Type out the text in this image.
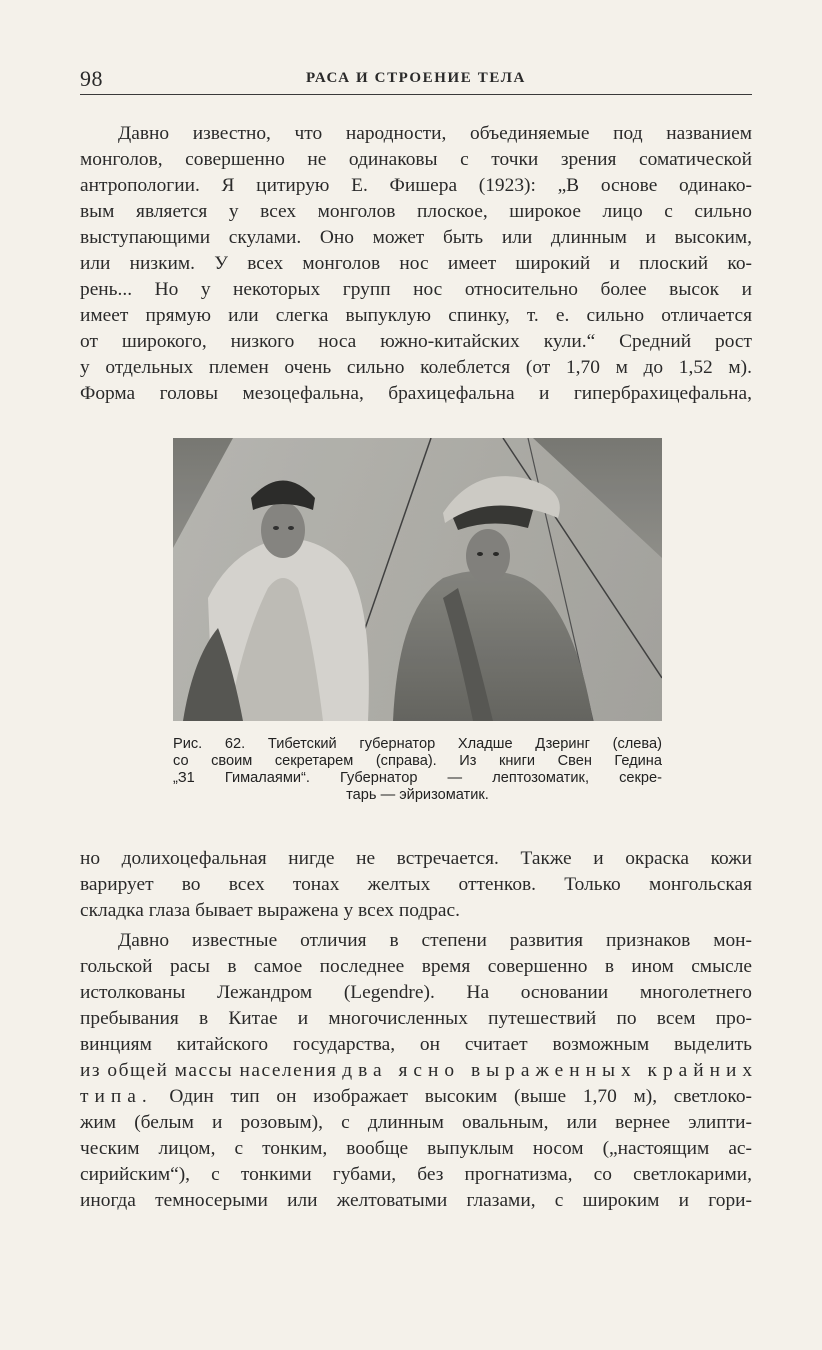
98	РАСА И СТРОЕНИЕ ТЕЛА

Давно известно, что народности, объединяемые под названием
монголов, совершенно не одинаковы с точки зрения соматической
антропологии. Я цитирую Е. Фишера (1923): „В основе одинако-
вым является у всех монголов плоское, широкое лицо с сильно
выступающими скулами. Оно может быть или длинным и высоким,
или низким. У всех монголов нос имеет широкий и плоский ко-
рень... Но у некоторых групп нос относительно более высок и
имеет прямую или слегка выпуклую спинку, т. е. сильно отличается
от широкого, низкого носа южно-китайских кули.“ Средний рост
у отдельных племен очень сильно колеблется (от 1,70 м до 1,52 м).
Форма головы мезоцефальна, брахицефальна и гипербрахицефальна,

Рис. 62. Тибетский губернатор Хладше Дзеринг (слева)
со своим секретарем (справа). Из книги Свен Гедина
„З1 Гималаями“. Губернатор — лептозоматик, секре-
тарь — эйризоматик.

но долихоцефальная нигде не встречается. Также и окраска кожи
варирует во всех тонах желтых оттенков. Только монгольская
складка глаза бывает выражена у всех подрас.

Давно известные отличия в степени развития признаков мон-
гольской расы в самое последнее время совершенно в ином смысле
истолкованы Лежандром (Legendre). На основании многолетнего
пребывания в Китае и многочисленных путешествий по всем про-
винциям китайского государства, он считает возможным выделить
из общей массы населения два ясно выраженных крайних
типа. Один тип он изображает высоким (выше 1,70 м), светлоко-
жим (белым и розовым), с длинным овальным, или вернее элипти-
ческим лицом, с тонким, вообще выпуклым носом („настоящим ас-
сирийским“), с тонкими губами, без прогнатизма, со светлокарими,
иногда темносерыми или желтоватыми глазами, с широким и гори-
